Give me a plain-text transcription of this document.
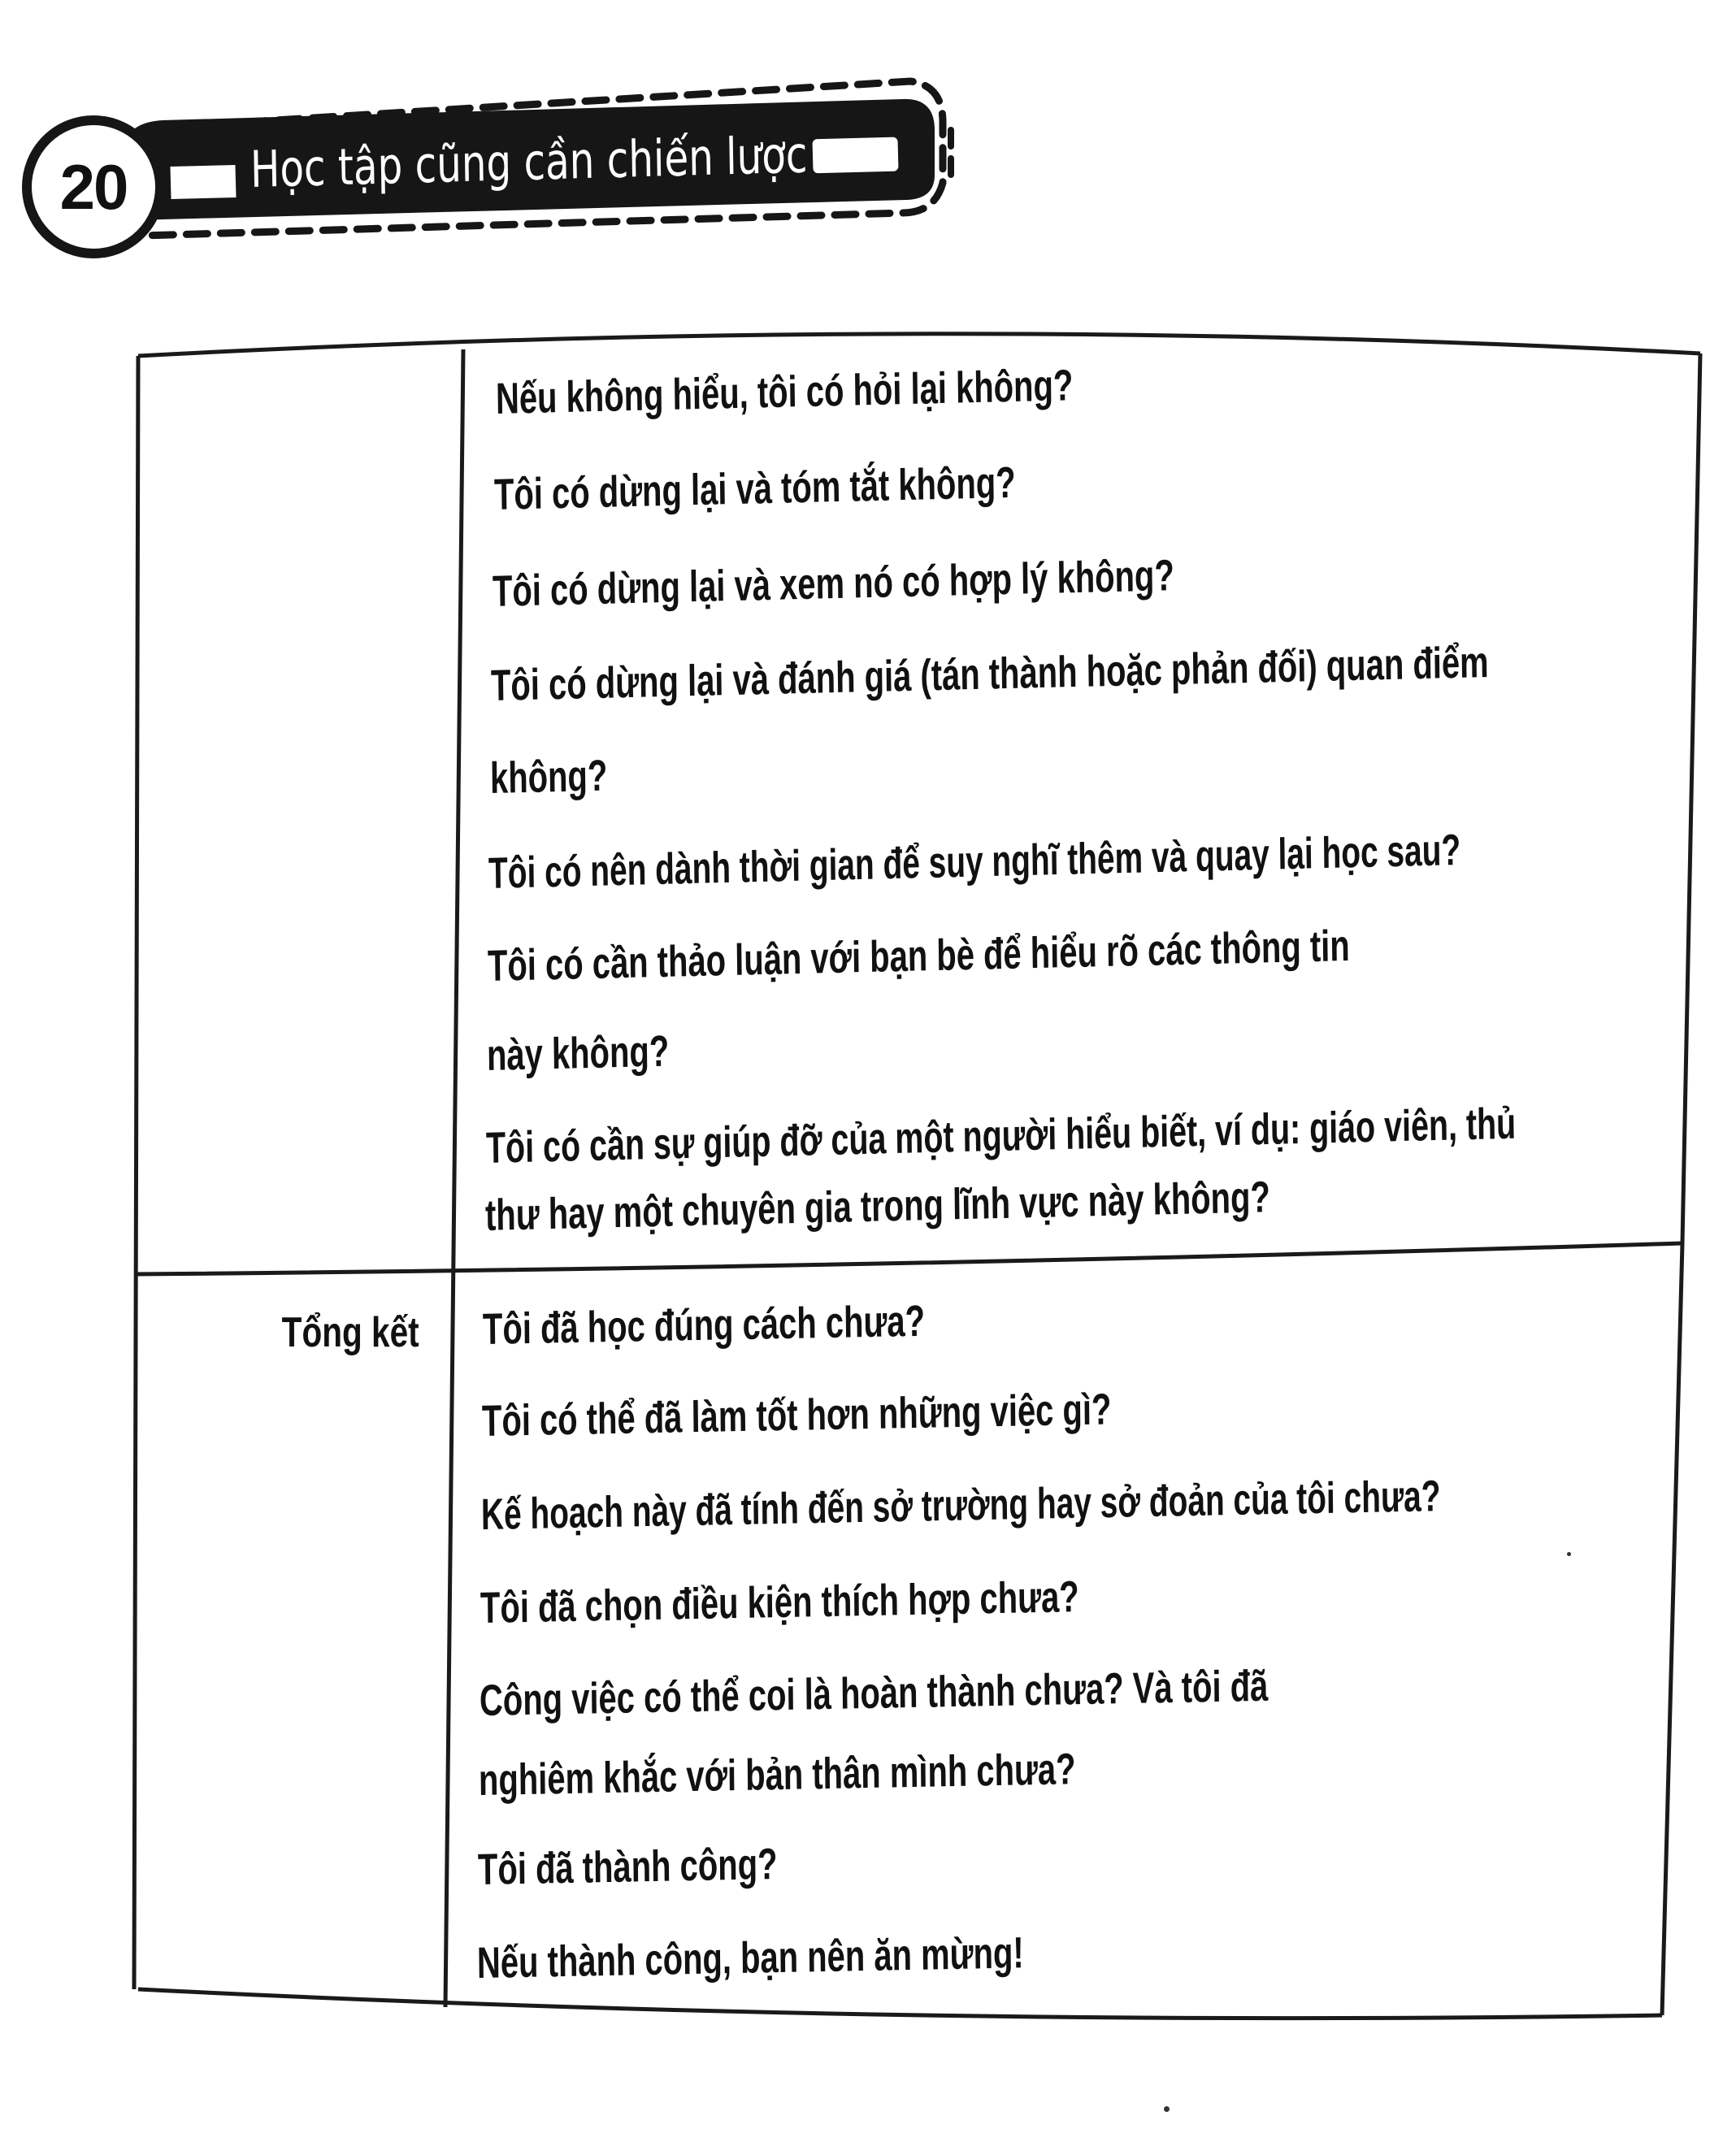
20	Học tập cũng cần chiến lược
Nếu không hiểu, tôi có hỏi lại không?
Tôi có dừng lại và tóm tắt không?
Tôi có dừng lại và xem nó có hợp lý không?
Tôi có dừng lại và đánh giá (tán thành hoặc phản đối) quan điểm
không?
Tôi có nên dành thời gian để suy nghĩ thêm và quay lại học sau?
Tôi có cần thảo luận với bạn bè để hiểu rõ các thông tin
này không?
Tôi có cần sự giúp đỡ của một người hiểu biết, ví dụ: giáo viên, thủ
thư hay một chuyên gia trong lĩnh vực này không?
Tổng kết Tôi đã học đúng cách chưa?
Tôi có thể đã làm tốt hơn những việc gì?
Kế hoạch này đã tính đến sở trường hay sở đoản của tôi chưa?
Tôi đã chọn điều kiện thích hợp chưa?
Công việc có thể coi là hoàn thành chưa? Và tôi đã
nghiêm khắc với bản thân mình chưa?
Tôi đã thành công?
Nếu thành công, bạn nên ăn mừng!
